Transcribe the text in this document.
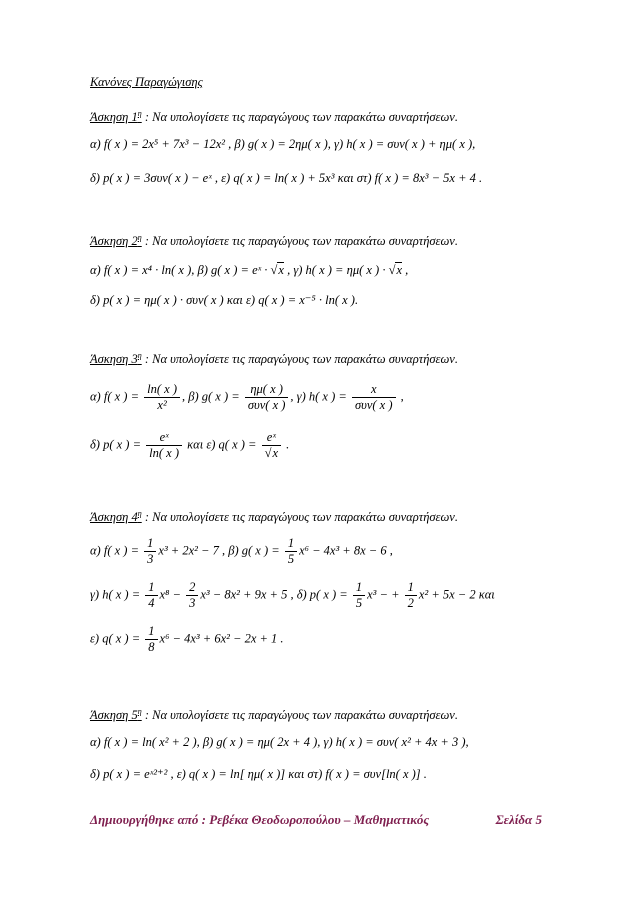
Κανόνες Παραγώγισης
Άσκηση $1^\eta$ : Να υπολογίσετε τις παραγώγους των παρακάτω συναρτήσεων.
α) f( x ) = 2x⁵ + 7x³ − 12x² , β) g( x ) = 2ημ( x ), γ) h( x ) = συν( x ) + ημ( x ),
δ) p( x ) = 3συν( x ) − eˣ , ε) q( x ) = ln( x ) + 5x³ και στ) f( x ) = 8x³ − 5x + 4 .
Άσκηση $2^\eta$ : Να υπολογίσετε τις παραγώγους των παρακάτω συναρτήσεων.
α) f( x ) = x⁴ · ln( x ), β) g( x ) = eˣ · √x , γ) h( x ) = ημ( x ) · √x ,
δ) p( x ) = ημ( x ) · συν( x ) και ε) q( x ) = x⁻⁵ · ln( x ).
Άσκηση $3^\eta$ : Να υπολογίσετε τις παραγώγους των παρακάτω συναρτήσεων.
α) f( x ) = $\frac{\ln( x )}{\text{x²}}$ , β) g( x ) = $\frac{\eta\mu( x )}{\text{συν( x )}}$ , γ) h( x ) = $\frac{x}{\text{συν( x )}}$ ,
δ) p( x ) = $\frac{\text{eˣ}}{\ln( x )}$ και ε) q( x ) = $\frac{\text{eˣ}}{√x}$ .
Άσκηση $4^\eta$ : Να υπολογίσετε τις παραγώγους των παρακάτω συναρτήσεων.
α) f( x ) = $\frac{1}{3} x^3 + 2x^2 - 7$ , β) g( x ) = $\frac{1}{5} x^6 - 4x^3 + 8x - 6$ ,
γ) h( x ) = $\frac{1}{4} x^8 - \frac{2}{3} x^3 - 8x^2 + 9x + 5$ , δ) p( x ) = $\frac{1}{5} x^3$ − + $\frac{1}{2} x^2 + 5x - 2$ και
ε) q( x ) = $\frac{1}{8} x^6 - 4x^3 + 6x^2 - 2x + 1$ .
Άσκηση $5^\eta$ : Να υπολογίσετε τις παραγώγους των παρακάτω συναρτήσεων.
α) f( x ) = ln( x² + 2 ), β) g( x ) = ημ( 2x + 4 ), γ) h( x ) = συν( x² + 4x + 3 ),
δ) p( x ) = eˣ²⁺² , ε) q( x ) = ln[ ημ( x )] και στ) f( x ) = συν[ln( x )] .
Δημιουργήθηκε από : Ρεβέκα Θεοδωροπούλου – Μαθηματικός	Σελίδα 5
